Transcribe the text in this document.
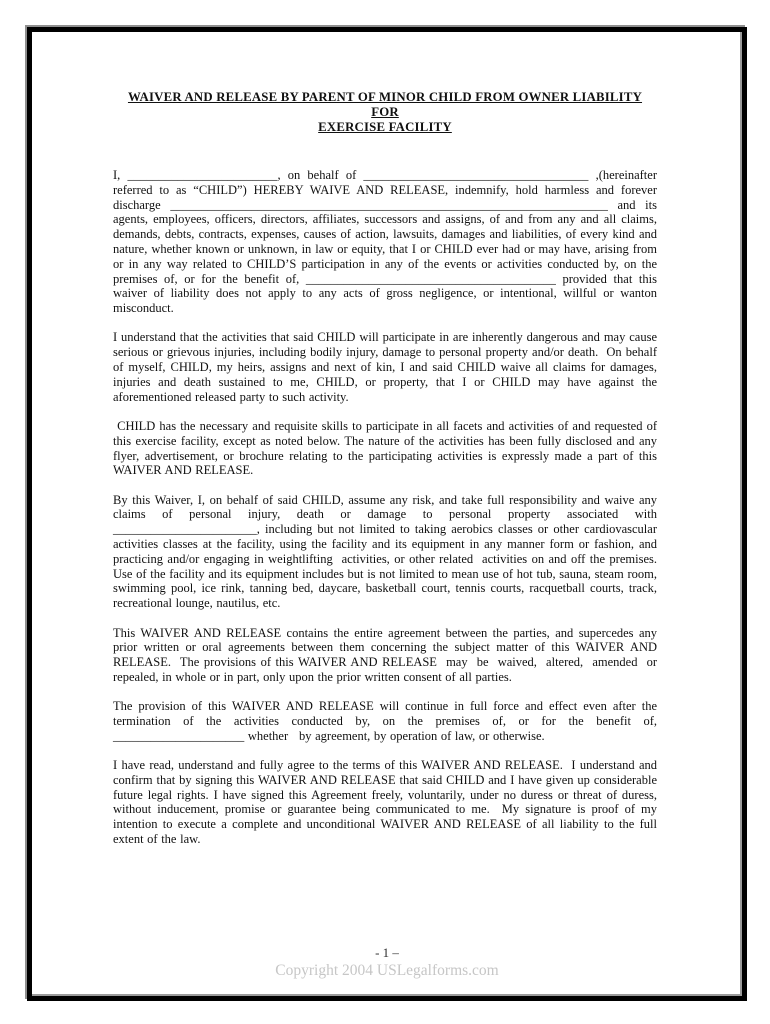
WAIVER AND RELEASE BY PARENT OF MINOR CHILD FROM OWNER LIABILITY FOR
EXERCISE FACILITY

I, ________________________, on behalf of ____________________________________ ,(hereinafter referred to as “CHILD”) HEREBY WAIVE AND RELEASE, indemnify, hold harmless and forever discharge ______________________________________________________________________ and its agents, employees, officers, directors, affiliates, successors and assigns, of and from any and all claims, demands, debts, contracts, expenses, causes of action, lawsuits, damages and liabilities, of every kind and nature, whether known or unknown, in law or equity, that I or CHILD ever had or may have, arising from or in any way related to CHILD’S participation in any of the events or activities conducted by, on the premises of, or for the benefit of, ________________________________________ provided that this waiver of liability does not apply to any acts of gross negligence, or intentional, willful or wanton misconduct.

I understand that the activities that said CHILD will participate in are inherently dangerous and may cause serious or grievous injuries, including bodily injury, damage to personal property and/or death.  On behalf of myself, CHILD, my heirs, assigns and next of kin, I and said CHILD waive all claims for damages, injuries and death sustained to me, CHILD, or property, that I or CHILD may have against the aforementioned released party to such activity.

CHILD has the necessary and requisite skills to participate in all facets and activities of and requested of this exercise facility, except as noted below. The nature of the activities has been fully disclosed and any flyer, advertisement, or brochure relating to the participating activities is expressly made a part of this WAIVER AND RELEASE.

By this Waiver, I, on behalf of said CHILD, assume any risk, and take full responsibility and waive any claims of personal injury, death or damage to personal property associated with _______________________, including but not limited to taking aerobics classes or other cardiovascular activities classes at the facility, using the facility and its equipment in any manner form or fashion, and practicing and/or engaging in weightlifting  activities, or other related  activities on and off the premises.  Use of the facility and its equipment includes but is not limited to mean use of hot tub, sauna, steam room, swimming pool, ice rink, tanning bed, daycare, basketball court, tennis courts, racquetball courts, track, recreational lounge, nautilus, etc.

This WAIVER AND RELEASE contains the entire agreement between the parties, and supercedes any prior written or oral agreements between them concerning the subject matter of this WAIVER AND RELEASE.  The provisions of this WAIVER AND RELEASE  may  be  waived,  altered,  amended  or repealed, in whole or in part, only upon the prior written consent of all parties.

The provision of this WAIVER AND RELEASE will continue in full force and effect even after the termination of the activities conducted by, on the premises of, or for the benefit of, _____________________ whether   by agreement, by operation of law, or otherwise.

I have read, understand and fully agree to the terms of this WAIVER AND RELEASE.  I understand and confirm that by signing this WAIVER AND RELEASE that said CHILD and I have given up considerable future legal rights. I have signed this Agreement freely, voluntarily, under no duress or threat of duress, without inducement, promise or guarantee being communicated to me.  My signature is proof of my intention to execute a complete and unconditional WAIVER AND RELEASE of all liability to the full extent of the law.

- 1 –
Copyright 2004 USLegalforms.com
